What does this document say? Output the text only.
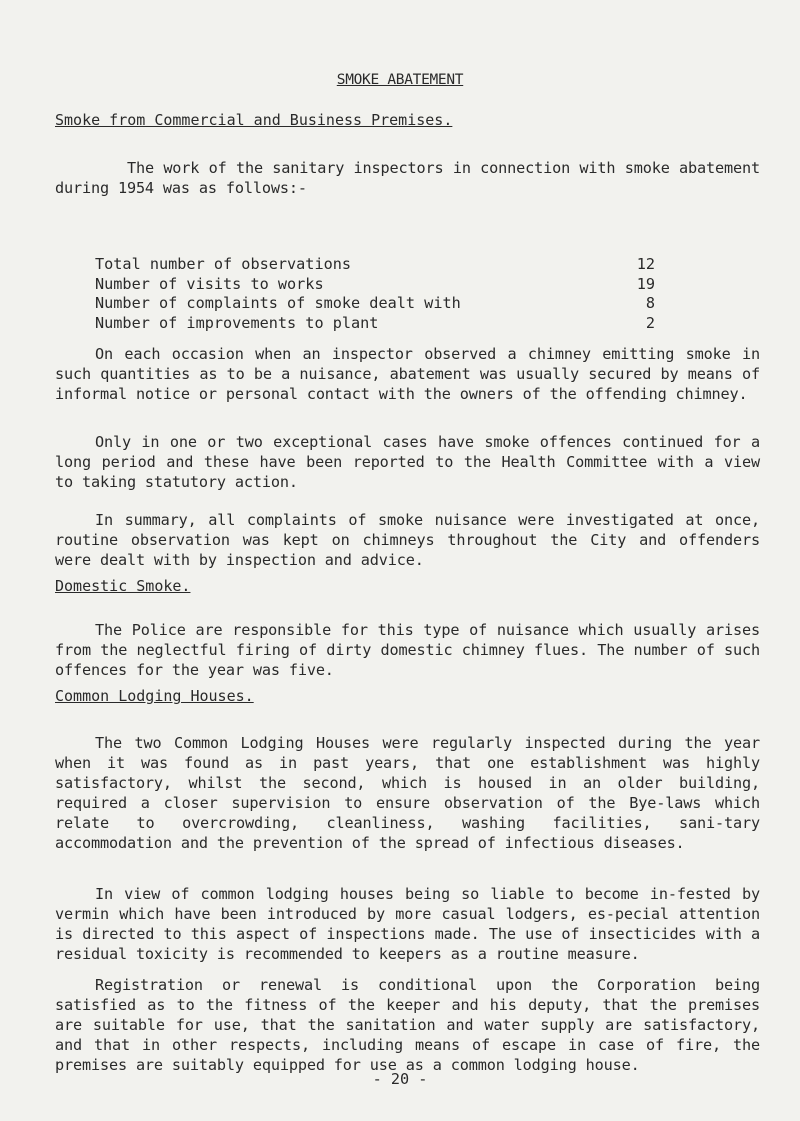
SMOKE ABATEMENT
Smoke from Commercial and Business Premises.

The work of the sanitary inspectors in connection with smoke abatement during 1954 was as follows:-

Total number of observations	12
Number of visits to works	19
Number of complaints of smoke dealt with	8
Number of improvements to plant	2

On each occasion when an inspector observed a chimney emitting smoke in such quantities as to be a nuisance, abatement was usually secured by means of informal notice or personal contact with the owners of the offending chimney.

Only in one or two exceptional cases have smoke offences continued for a long period and these have been reported to the Health Committee with a view to taking statutory action.

In summary, all complaints of smoke nuisance were investigated at once, routine observation was kept on chimneys throughout the City and offenders were dealt with by inspection and advice.

Domestic Smoke.

The Police are responsible for this type of nuisance which usually arises from the neglectful firing of dirty domestic chimney flues. The number of such offences for the year was five.

Common Lodging Houses.

The two Common Lodging Houses were regularly inspected during the year when it was found as in past years, that one establishment was highly satisfactory, whilst the second, which is housed in an older building, required a closer supervision to ensure observation of the Bye-laws which relate to overcrowding, cleanliness, washing facilities, sani-tary accommodation and the prevention of the spread of infectious diseases.

In view of common lodging houses being so liable to become in-fested by vermin which have been introduced by more casual lodgers, es-pecial attention is directed to this aspect of inspections made. The use of insecticides with a residual toxicity is recommended to keepers as a routine measure.

Registration or renewal is conditional upon the Corporation being satisfied as to the fitness of the keeper and his deputy, that the premises are suitable for use, that the sanitation and water supply are satisfactory, and that in other respects, including means of escape in case of fire, the premises are suitably equipped for use as a common lodging house.

- 20 -
